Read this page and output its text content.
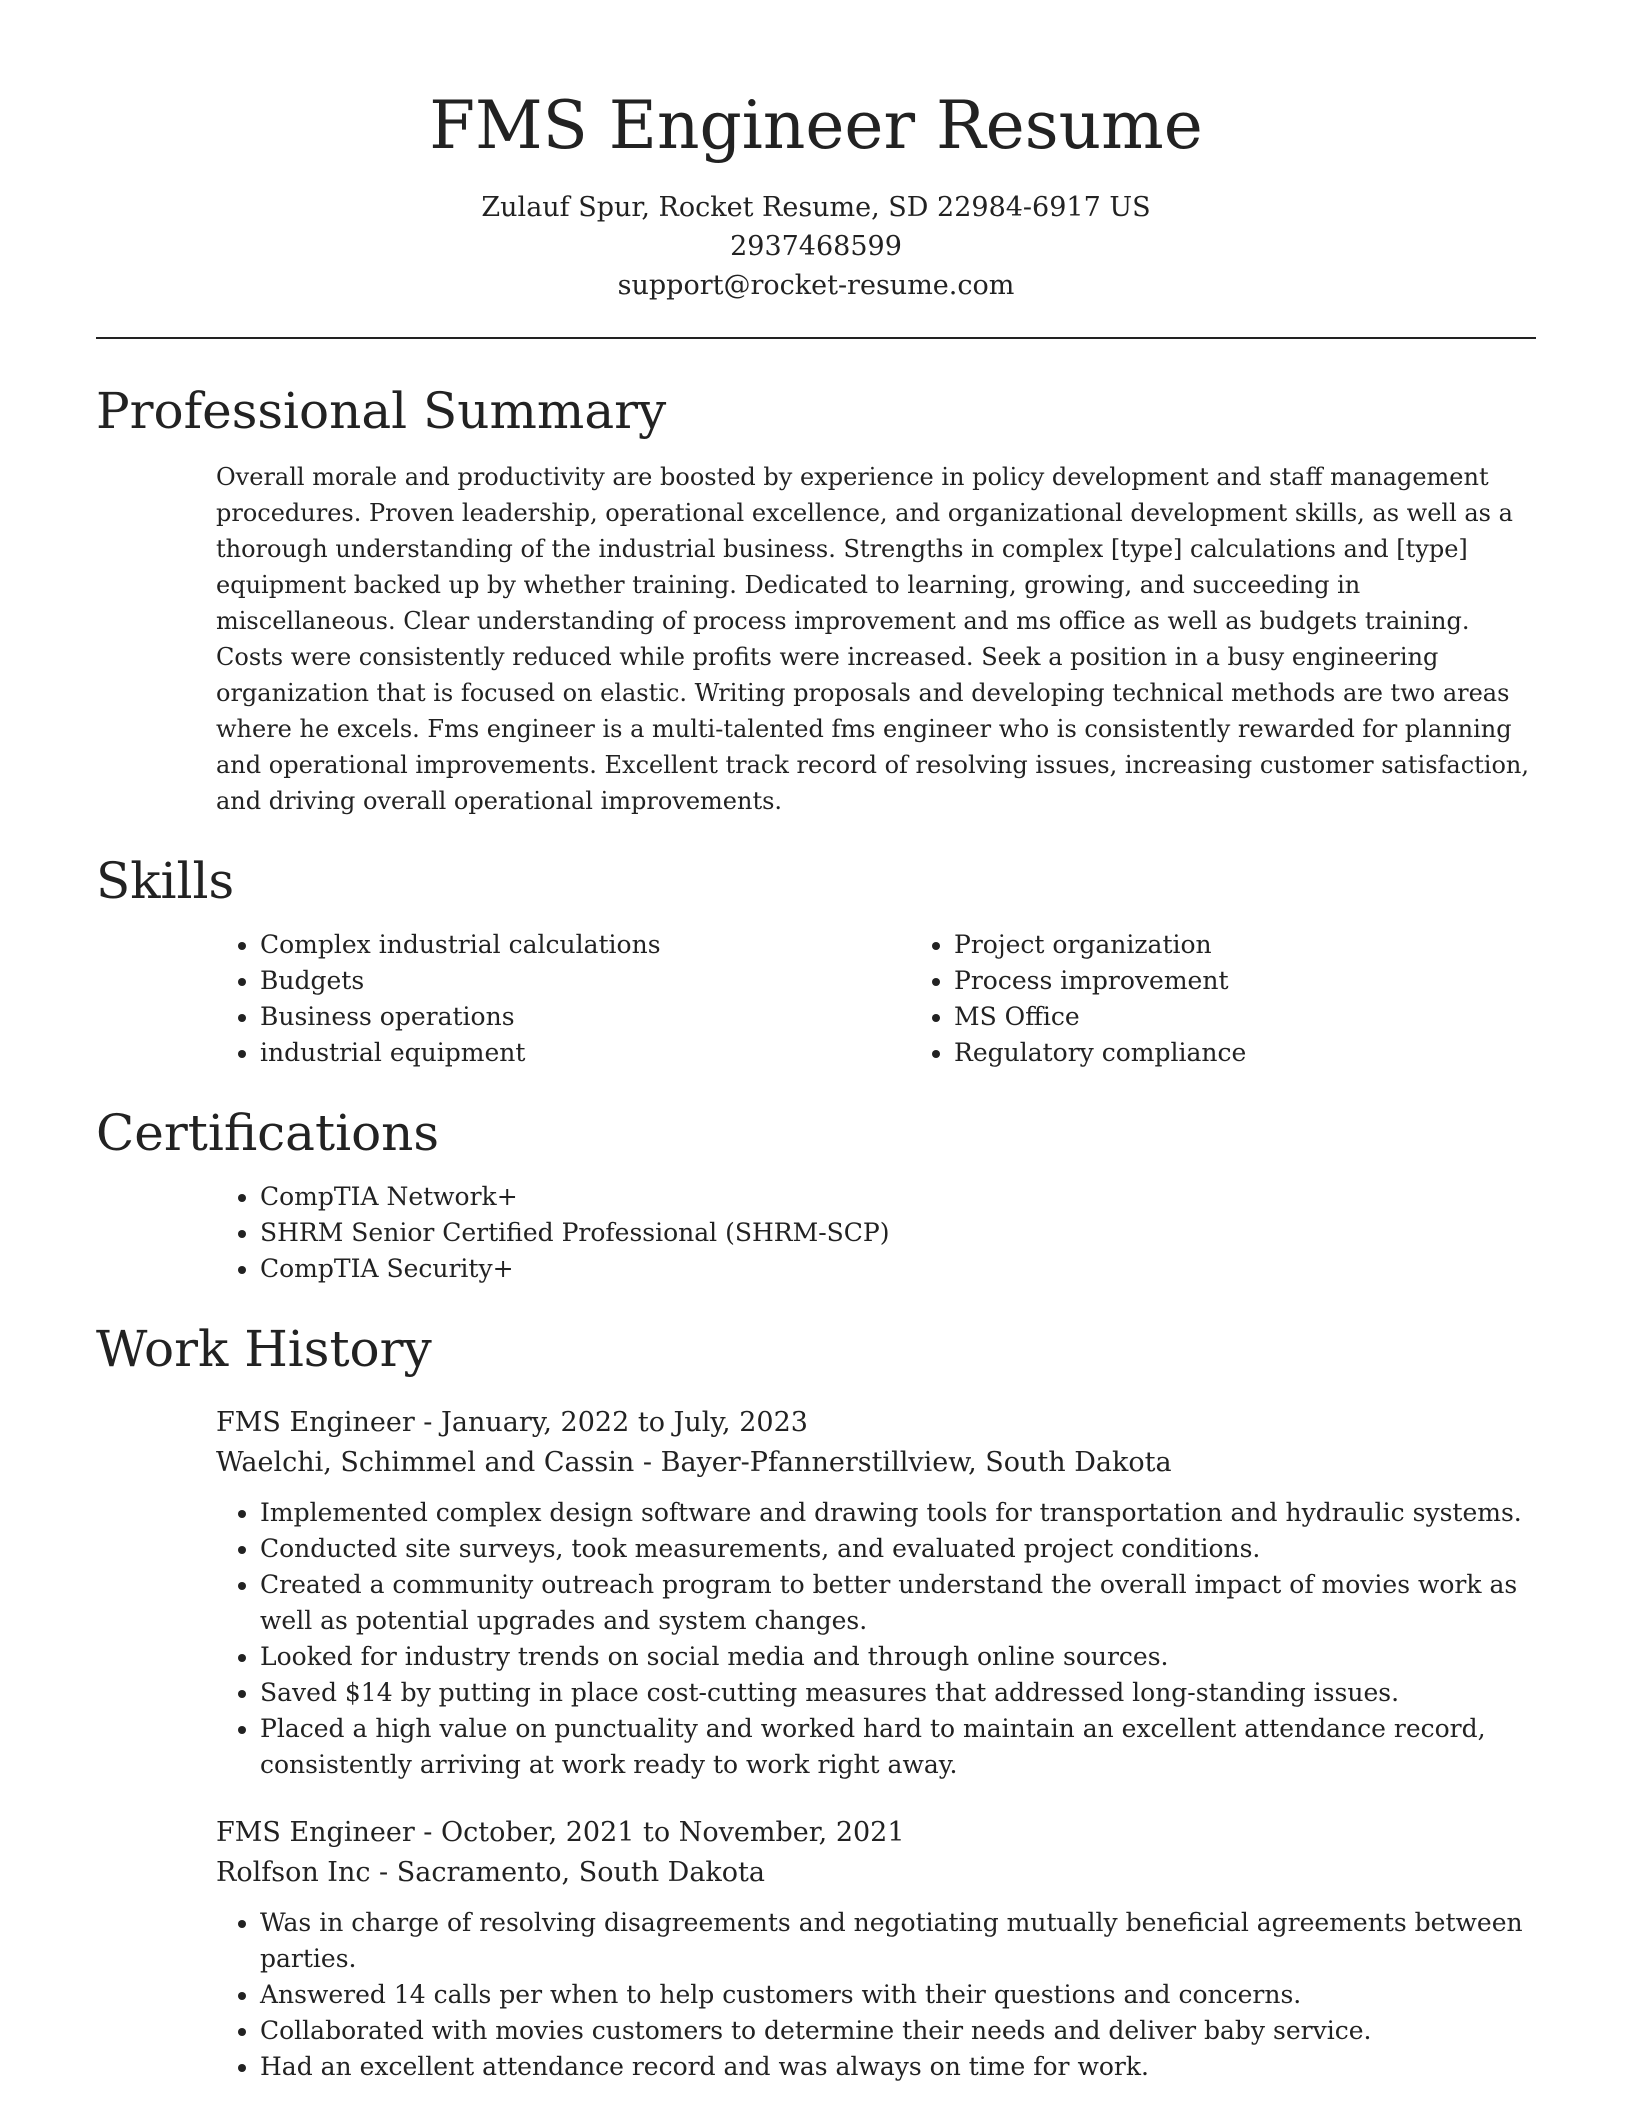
FMS Engineer Resume
Zulauf Spur, Rocket Resume, SD 22984-6917 US
2937468599
support@rocket-resume.com
Professional Summary

Overall morale and productivity are boosted by experience in policy development and staff management procedures. Proven leadership, operational excellence, and organizational development skills, as well as a thorough understanding of the industrial business. Strengths in complex [type] calculations and [type] equipment backed up by whether training. Dedicated to learning, growing, and succeeding in miscellaneous. Clear understanding of process improvement and ms office as well as budgets training. Costs were consistently reduced while profits were increased. Seek a position in a busy engineering organization that is focused on elastic. Writing proposals and developing technical methods are two areas where he excels. Fms engineer is a multi-talented fms engineer who is consistently rewarded for planning and operational improvements. Excellent track record of resolving issues, increasing customer satisfaction, and driving overall operational improvements.

Skills
• Complex industrial calculations
• Budgets
• Business operations
• industrial equipment
• Project organization
• Process improvement
• MS Office
• Regulatory compliance
Certifications
• CompTIA Network+
• SHRM Senior Certified Professional (SHRM-SCP)
• CompTIA Security+
Work History
FMS Engineer - January, 2022 to July, 2023
Waelchi, Schimmel and Cassin - Bayer-Pfannerstillview, South Dakota
• Implemented complex design software and drawing tools for transportation and hydraulic systems.
• Conducted site surveys, took measurements, and evaluated project conditions.
• Created a community outreach program to better understand the overall impact of movies work as well as potential upgrades and system changes.
• Looked for industry trends on social media and through online sources.
• Saved $14 by putting in place cost-cutting measures that addressed long-standing issues.
• Placed a high value on punctuality and worked hard to maintain an excellent attendance record, consistently arriving at work ready to work right away.
FMS Engineer - October, 2021 to November, 2021
Rolfson Inc - Sacramento, South Dakota
• Was in charge of resolving disagreements and negotiating mutually beneficial agreements between parties.
• Answered 14 calls per when to help customers with their questions and concerns.
• Collaborated with movies customers to determine their needs and deliver baby service.
• Had an excellent attendance record and was always on time for work.
